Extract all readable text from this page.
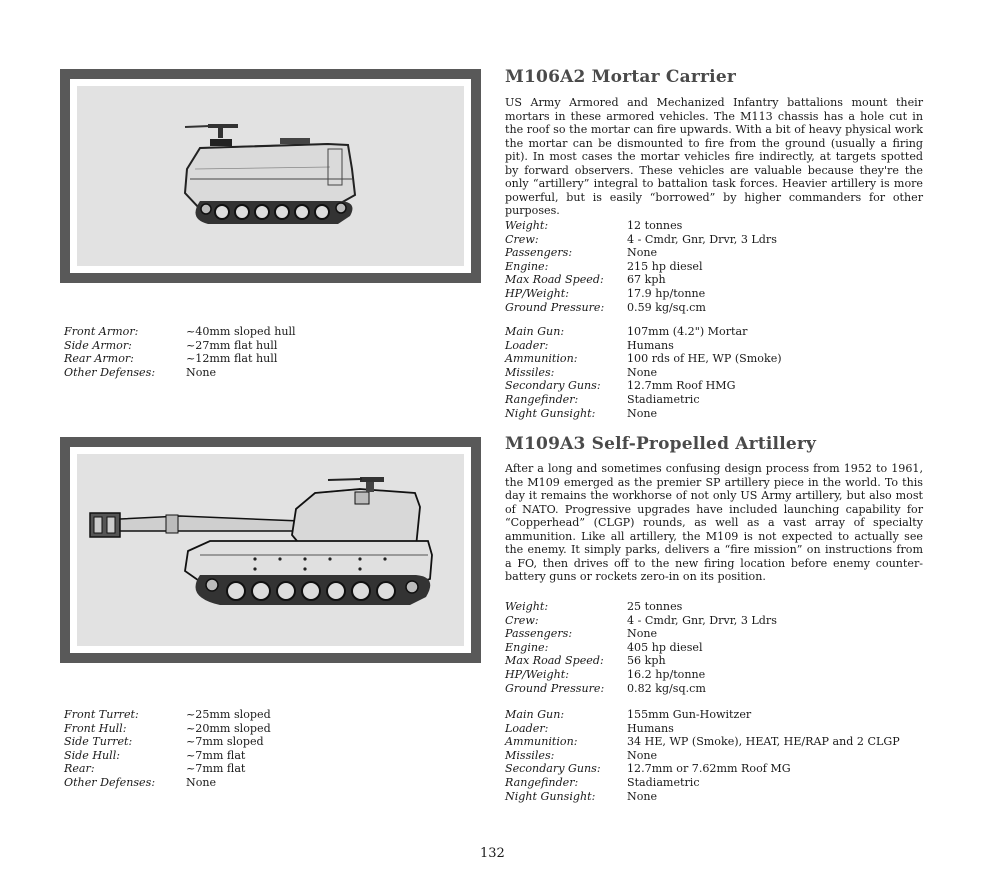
M106A2 Mortar Carrier

US Army Armored and Mechanized Infantry battalions mount their mortars in these armored vehicles. The M113 chassis has a hole cut in the roof so the mortar can fire upwards. With a bit of heavy physical work the mortar can be dismounted to fire from the ground (usually a firing pit). In most cases the mortar vehicles fire indirectly, at targets spotted by forward observers. These vehicles are valuable because they're the only “artillery” integral to battalion task forces. Heavier artillery is more powerful, but is easily “borrowed” by higher commanders for other purposes.

Weight:	12 tonnes
Crew:	4 - Cmdr, Gnr, Drvr, 3 Ldrs
Passengers:	None
Engine:	215 hp diesel
Max Road Speed:	67 kph
HP/Weight:	17.9 hp/tonne
Ground Pressure:	0.59 kg/sq.cm
Main Gun:	107mm (4.2") Mortar
Loader:	Humans
Ammunition:	100 rds of HE, WP (Smoke)
Missiles:	None
Secondary Guns:	12.7mm Roof HMG
Rangefinder:	Stadiametric
Night Gunsight:	None
Front Armor:	~40mm sloped hull
Side Armor:	~27mm flat hull
Rear Armor:	~12mm flat hull
Other Defenses:	None
M109A3 Self-Propelled Artillery

After a long and sometimes confusing design process from 1952 to 1961, the M109 emerged as the premier SP artillery piece in the world. To this day it remains the workhorse of not only US Army artillery, but also most of NATO. Progressive upgrades have included launching capability for “Copperhead” (CLGP) rounds, as well as a vast array of specialty ammunition. Like all artillery, the M109 is not expected to actually see the enemy. It simply parks, delivers a “fire mission” on instructions from a FO, then drives off to the new firing location before enemy counter-battery guns or rockets zero-in on its position.

Weight:	25 tonnes
Crew:	4 - Cmdr, Gnr, Drvr, 3 Ldrs
Passengers:	None
Engine:	405 hp diesel
Max Road Speed:	56 kph
HP/Weight:	16.2 hp/tonne
Ground Pressure:	0.82 kg/sq.cm
Main Gun:	155mm Gun-Howitzer
Loader:	Humans
Ammunition:	34 HE, WP (Smoke), HEAT, HE/RAP and 2 CLGP
Missiles:	None
Secondary Guns:	12.7mm or 7.62mm Roof MG
Rangefinder:	Stadiametric
Night Gunsight:	None
Front Turret:	~25mm sloped
Front Hull:	~20mm sloped
Side Turret:	~7mm sloped
Side Hull:	~7mm flat
Rear:	~7mm flat
Other Defenses:	None
132
